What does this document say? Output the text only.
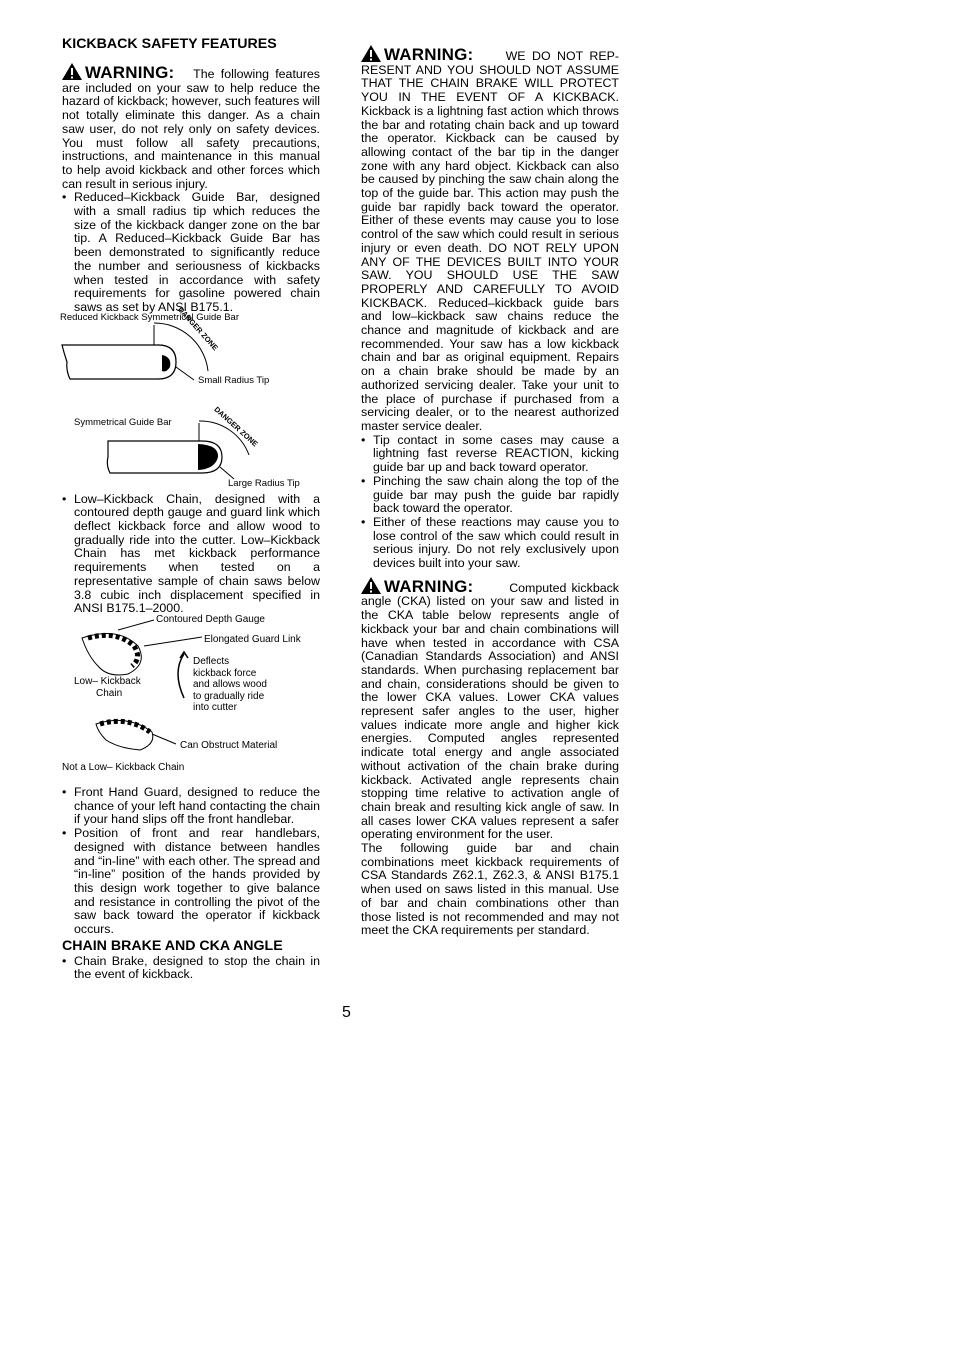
KICKBACK SAFETY FEATURES

WARNING: The following features are included on your saw to help reduce the hazard of kickback; however, such features will not totally eliminate this danger. As a chain saw user, do not rely only on safety devices. You must follow all safety precautions, instructions, and maintenance in this manual to help avoid kickback and other forces which can result in serious injury.

• Reduced–Kickback Guide Bar, designed with a small radius tip which reduces the size of the kickback danger zone on the bar tip. A Reduced–Kickback Guide Bar has been demonstrated to significantly reduce the number and seriousness of kickbacks when tested in accordance with safety requirements for gasoline powered chain saws as set by ANSI B175.1.
Reduced Kickback Symmetrical Guide Bar
DANGER ZONE
Small Radius Tip
Symmetrical Guide Bar	DANGER ZONE
Large Radius Tip
• Low–Kickback Chain, designed with a contoured depth gauge and guard link which deflect kickback force and allow wood to gradually ride into the cutter. Low–Kickback Chain has met kickback performance requirements when tested on a representative sample of chain saws below 3.8 cubic inch displacement specified in ANSI B175.1–2000.
Contoured Depth Gauge
Elongated Guard Link
Low– Kickback
Chain
Deflects
kickback force
and allows wood
to gradually ride
into cutter
Can Obstruct Material
Not a Low– Kickback Chain
• Front Hand Guard, designed to reduce the chance of your left hand contacting the chain if your hand slips off the front handlebar.
• Position of front and rear handlebars, designed with distance between handles and “in-line” with each other. The spread and “in-line” position of the hands provided by this design work together to give balance and resistance in controlling the pivot of the saw back toward the operator if kickback occurs.
CHAIN BRAKE AND CKA ANGLE
• Chain Brake, designed to stop the chain in the event of kickback.

WARNING:	WE DO NOT REP- RESENT AND YOU SHOULD NOT ASSUME THAT THE CHAIN BRAKE WILL PROTECT YOU IN THE EVENT OF A KICKBACK. Kickback is a lightning fast action which throws the bar and rotating chain back and up toward the operator. Kickback can be caused by allowing contact of the bar tip in the danger zone with any hard object. Kickback can also be caused by pinching the saw chain along the top of the guide bar. This action may push the guide bar rapidly back toward the operator. Either of these events may cause you to lose control of the saw which could result in serious injury or even death. DO NOT RELY UPON ANY OF THE DEVICES BUILT INTO YOUR SAW. YOU SHOULD USE THE SAW PROPERLY AND CAREFULLY TO AVOID KICKBACK. Reduced–kickback guide bars and low–kickback saw chains reduce the chance and magnitude of kickback and are recommended. Your saw has a low kickback chain and bar as original equipment. Repairs on a chain brake should be made by an authorized servicing dealer. Take your unit to the place of purchase if purchased from a servicing dealer, or to the nearest authorized master service dealer.

• Tip contact in some cases may cause a lightning fast reverse REACTION, kicking guide bar up and back toward operator.
• Pinching the saw chain along the top of the guide bar may push the guide bar rapidly back toward the operator.
• Either of these reactions may cause you to lose control of the saw which could result in serious injury. Do not rely exclusively upon devices built into your saw.

WARNING:	Computed kickback angle (CKA) listed on your saw and listed in the CKA table below represents angle of kickback your bar and chain combinations will have when tested in accordance with CSA (Canadian Standards Association) and ANSI standards. When purchasing replacement bar and chain, considerations should be given to the lower CKA values. Lower CKA values represent safer angles to the user, higher values indicate more angle and higher kick energies. Computed angles represented indicate total energy and angle associated without activation of the chain brake during kickback. Activated angle represents chain stopping time relative to activation angle of chain break and resulting kick angle of saw. In all cases lower CKA values represent a safer operating environment for the user.

The following guide bar and chain combinations meet kickback requirements of CSA Standards Z62.1, Z62.3, & ANSI B175.1 when used on saws listed in this manual. Use of bar and chain combinations other than those listed is not recommended and may not meet the CKA requirements per standard.

5
